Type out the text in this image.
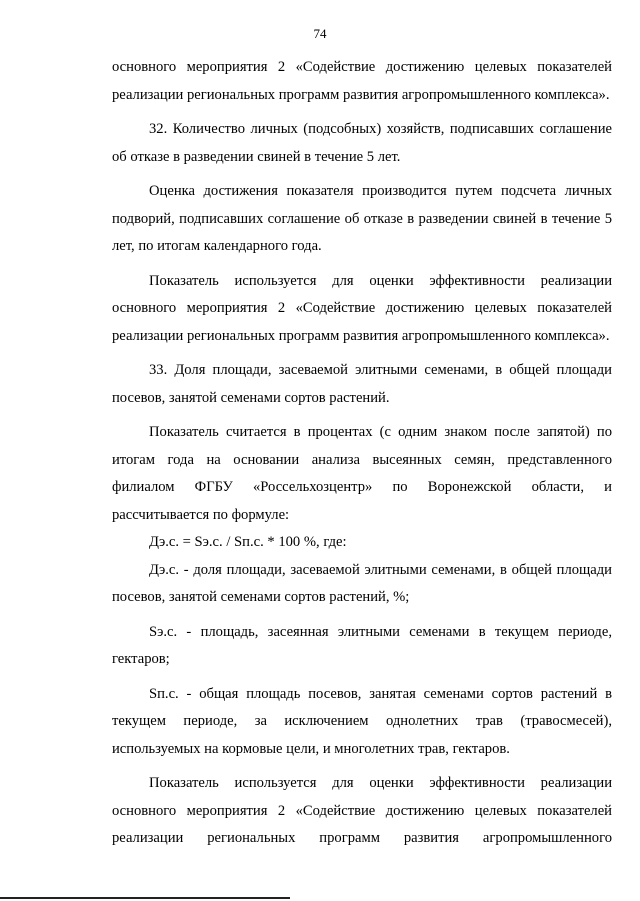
74

основного мероприятия 2 «Содействие достижению целевых показателей реализации региональных программ развития агропромышленного комплекса».

32. Количество личных (подсобных) хозяйств, подписавших соглашение об отказе в разведении свиней в течение 5 лет.

Оценка достижения показателя производится путем подсчета личных подворий, подписавших соглашение об отказе в разведении свиней в течение 5 лет, по итогам календарного года.

Показатель используется для оценки эффективности реализации основного мероприятия 2 «Содействие достижению целевых показателей реализации региональных программ развития агропромышленного комплекса».

33. Доля площади, засеваемой элитными семенами, в общей площади посевов, занятой семенами сортов растений.

Показатель считается в процентах (с одним знаком после запятой) по итогам года на основании анализа высеянных семян, представленного филиалом ФГБУ «Россельхозцентр» по Воронежской области, и рассчитывается по формуле:

Дэ.с. = Sэ.с. / Sп.с. * 100 %, где:

Дэ.с. - доля площади, засеваемой элитными семенами, в общей площади посевов, занятой семенами сортов растений, %;

Sэ.с. - площадь, засеянная элитными семенами в текущем периоде, гектаров;

Sп.с. - общая площадь посевов, занятая семенами сортов растений в текущем периоде, за исключением однолетних трав (травосмесей), используемых на кормовые цели, и многолетних трав, гектаров.

Показатель используется для оценки эффективности реализации основного мероприятия 2 «Содействие достижению целевых показателей реализации региональных программ развития агропромышленного
